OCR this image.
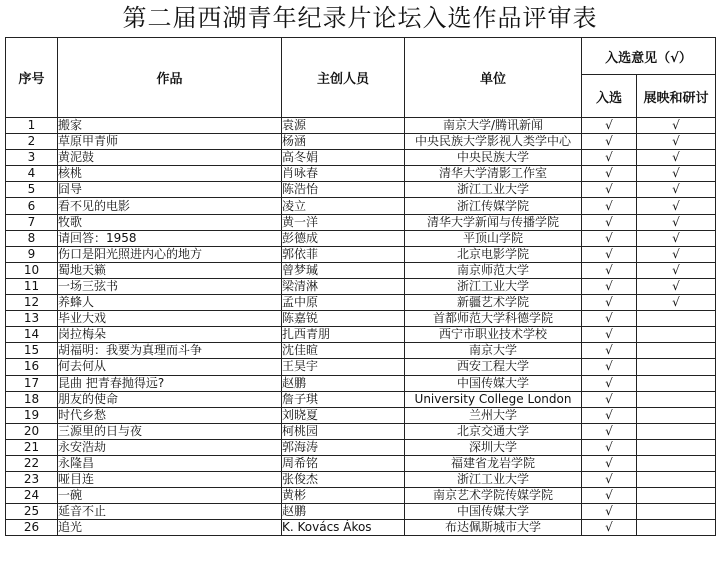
第二届西湖青年纪录片论坛入选作品评审表
序号	作品	主创人员	单位	入选意见（√）	
				入选	展映和研讨
1	搬家	袁源	南京大学/腾讯新闻	√	√
2	草原甲青师	杨涵	中央民族大学影视人类学中心	√	√
3	黄泥鼓	高冬娟	中央民族大学	√	√
4	核桃	肖咏春	清华大学清影工作室	√	√
5	囧导	陈浩怡	浙江工业大学	√	√
6	看不见的电影	凌立	浙江传媒学院	√	√
7	牧歌	黄一洋	清华大学新闻与传播学院	√	√
8	请回答：1958	彭德成	平顶山学院	√	√
9	伤口是阳光照进内心的地方	郭依菲	北京电影学院	√	√
10	蜀地天籁	曾梦瑊	南京师范大学	√	√
11	一场三弦书	梁清淋	浙江工业大学	√	√
12	养蜂人	孟中原	新疆艺术学院	√	√
13	毕业大戏	陈嘉锐	首都师范大学科德学院	√	
14	岗拉梅朵	扎西青朋	西宁市职业技术学校	√	
15	胡福明：我要为真理而斗争	沈佳暄	南京大学	√	
16	何去何从	王昊宇	西安工程大学	√	
17	昆曲 把青春抛得远?	赵鹏	中国传媒大学	√	
18	朋友的使命	詹子琪	University College London	√	
19	时代乡愁	刘晓夏	兰州大学	√	
20	三源里的日与夜	柯桃园	北京交通大学	√	
21	永安浩劫	郭海涛	深圳大学	√	
22	永隆昌	周希铭	福建省龙岩学院	√	
23	哑目连	张俊杰	浙江工业大学	√	
24	一碗	黄彬	南京艺术学院传媒学院	√	
25	延音不止	赵鹏	中国传媒大学	√	
26	追光	K. Kovács Ákos	布达佩斯城市大学	√	
